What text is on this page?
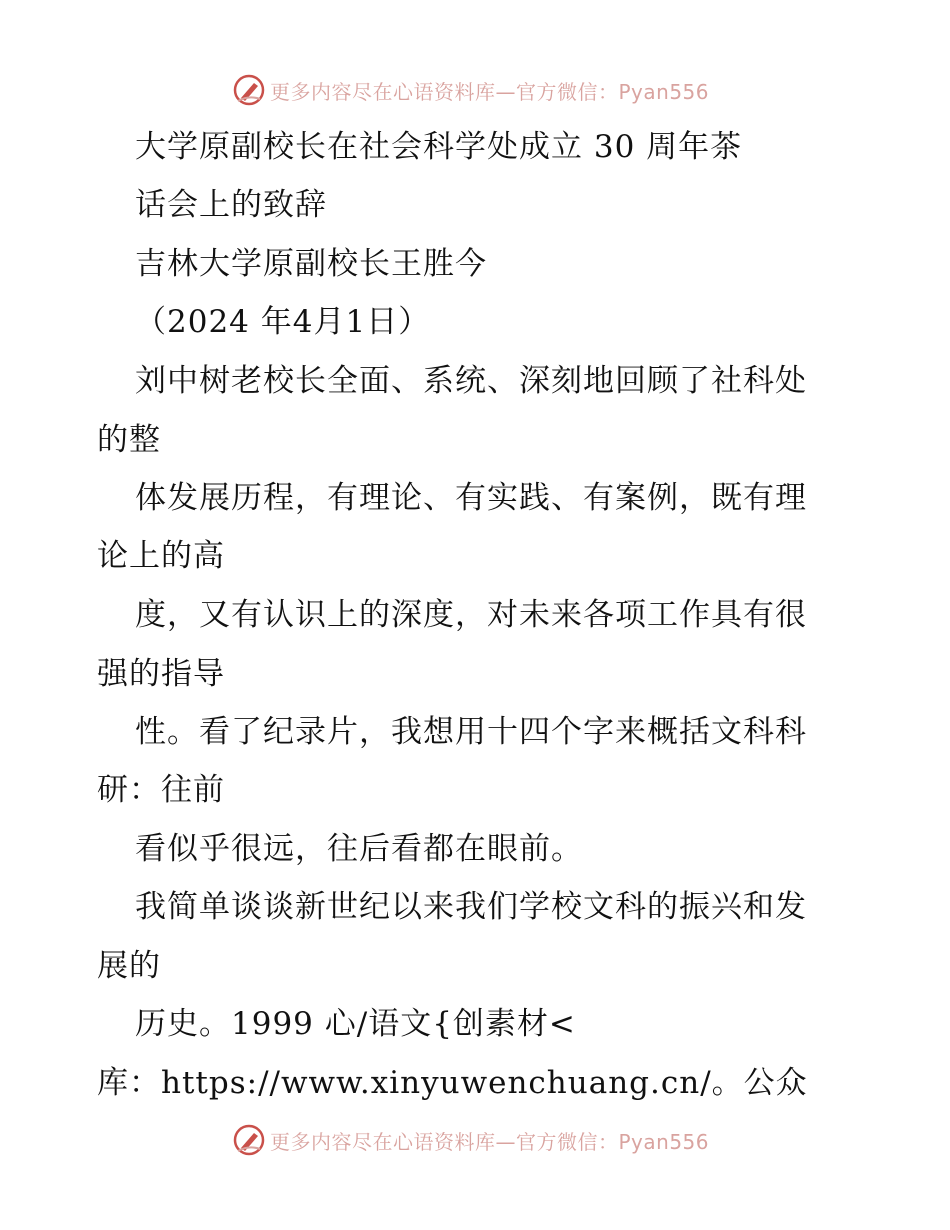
更多内容尽在心语资料库—官方微信：Pyan556
大学原副校长在社会科学处成立 30 周年茶
话会上的致辞
吉林大学原副校长王胜今
（2024 年4月1日）
刘中树老校长全面、系统、深刻地回顾了社科处
的整
体发展历程，有理论、有实践、有案例，既有理
论上的高
度，又有认识上的深度，对未来各项工作具有很
强的指导
性。看了纪录片，我想用十四个字来概括文科科
研：往前
看似乎很远，往后看都在眼前。
我简单谈谈新世纪以来我们学校文科的振兴和发
展的
历史。1999 心/语文{创素材<
库：https://www.xinyuwenchuang.cn/。公众
更多内容尽在心语资料库—官方微信：Pyan556
